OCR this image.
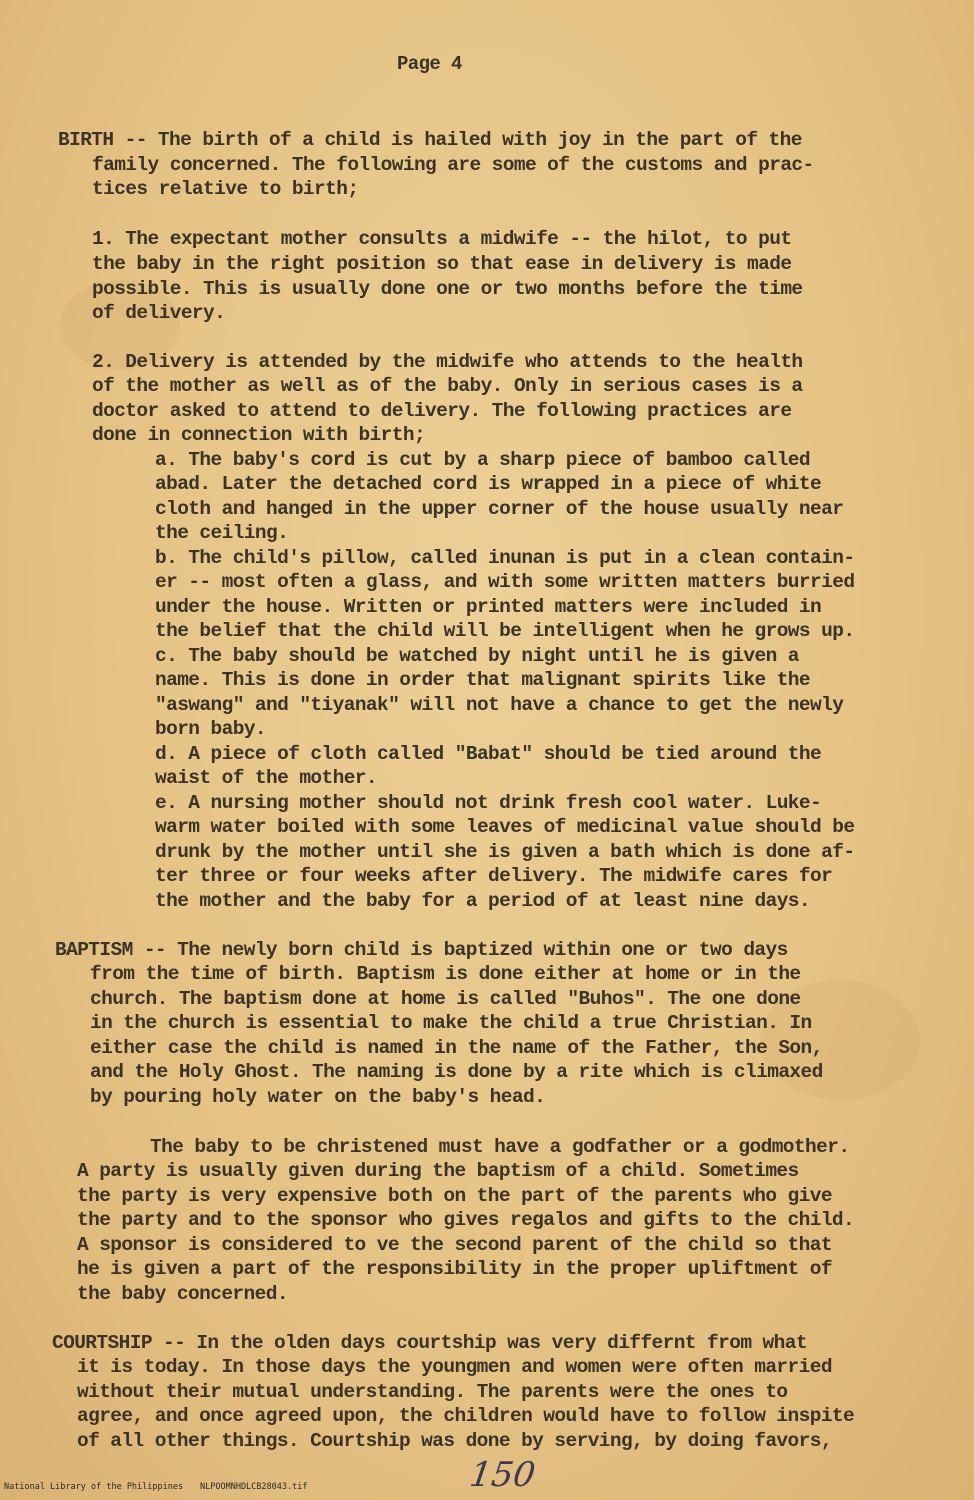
Page 4
BIRTH -- The birth of a child is hailed with joy in the part of the
family concerned. The following are some of the customs and prac-
tices relative to birth;
1. The expectant mother consults a midwife -- the hilot, to put
the baby in the right position so that ease in delivery is made
possible. This is usually done one or two months before the time
of delivery.
2. Delivery is attended by the midwife who attends to the health
of the mother as well as of the baby. Only in serious cases is a
doctor asked to attend to delivery. The following practices are
done in connection with birth;
a. The baby's cord is cut by a sharp piece of bamboo called
abad. Later the detached cord is wrapped in a piece of white
cloth and hanged in the upper corner of the house usually near
the ceiling.
b. The child's pillow, called inunan is put in a clean contain-
er -- most often a glass, and with some written matters burried
under the house. Written or printed matters were included in
the belief that the child will be intelligent when he grows up.
c. The baby should be watched by night until he is given a
name. This is done in order that malignant spirits like the
"aswang" and "tiyanak" will not have a chance to get the newly
born baby.
d. A piece of cloth called "Babat" should be tied around the
waist of the mother.
e. A nursing mother should not drink fresh cool water. Luke-
warm water boiled with some leaves of medicinal value should be
drunk by the mother until she is given a bath which is done af-
ter three or four weeks after delivery. The midwife cares for
the mother and the baby for a period of at least nine days.
BAPTISM -- The newly born child is baptized within one or two days
from the time of birth. Baptism is done either at home or in the
church. The baptism done at home is called "Buhos". The one done
in the church is essential to make the child a true Christian. In
either case the child is named in the name of the Father, the Son,
and the Holy Ghost. The naming is done by a rite which is climaxed
by pouring holy water on the baby's head.
The baby to be christened must have a godfather or a godmother.
A party is usually given during the baptism of a child. Sometimes
the party is very expensive both on the part of the parents who give
the party and to the sponsor who gives regalos and gifts to the child.
A sponsor is considered to ve the second parent of the child so that
he is given a part of the responsibility in the proper upliftment of
the baby concerned.
COURTSHIP -- In the olden days courtship was very differnt from what
it is today. In those days the youngmen and women were often married
without their mutual understanding. The parents were the ones to
agree, and once agreed upon, the children would have to follow inspite
of all other things. Courtship was done by serving, by doing favors,
150
National Library of the Philippines NLPOOMNHDLCB28043.tif
